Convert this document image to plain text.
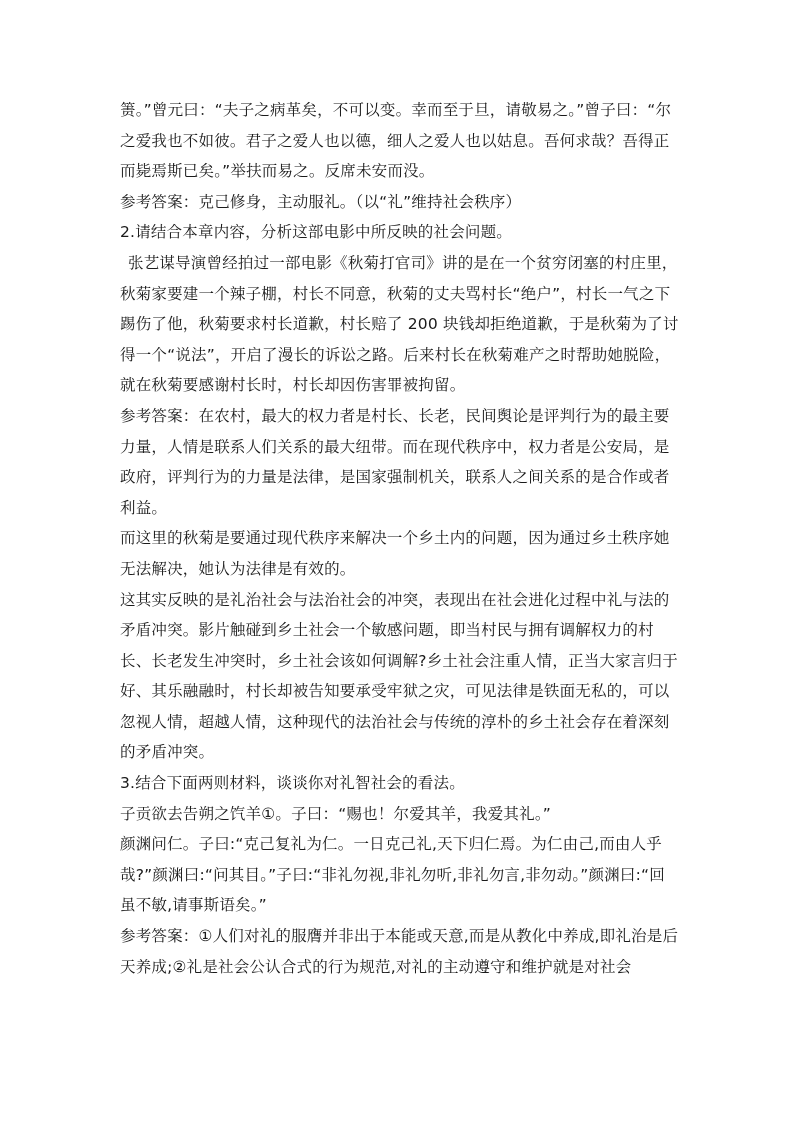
箦。”曾元曰：“夫子之病革矣，不可以变。幸而至于旦，请敬易之。”曾子曰：“尔之爱我也不如彼。君子之爱人也以德，细人之爱人也以姑息。吾何求哉？吾得正而毙焉斯已矣。”举扶而易之。反席未安而没。

参考答案：克己修身，主动服礼。（以“礼”维持社会秩序）

2.请结合本章内容，分析这部电影中所反映的社会问题。

张艺谋导演曾经拍过一部电影《秋菊打官司》讲的是在一个贫穷闭塞的村庄里，秋菊家要建一个辣子棚，村长不同意，秋菊的丈夫骂村长“绝户”，村长一气之下踢伤了他，秋菊要求村长道歉，村长赔了 200 块钱却拒绝道歉，于是秋菊为了讨得一个“说法”，开启了漫长的诉讼之路。后来村长在秋菊难产之时帮助她脱险，就在秋菊要感谢村长时，村长却因伤害罪被拘留。

参考答案：在农村，最大的权力者是村长、长老，民间舆论是评判行为的最主要力量，人情是联系人们关系的最大纽带。而在现代秩序中，权力者是公安局，是政府，评判行为的力量是法律，是国家强制机关，联系人之间关系的是合作或者利益。

而这里的秋菊是要通过现代秩序来解决一个乡土内的问题，因为通过乡土秩序她无法解决，她认为法律是有效的。

这其实反映的是礼治社会与法治社会的冲突，表现出在社会进化过程中礼与法的矛盾冲突。影片触碰到乡土社会一个敏感问题，即当村民与拥有调解权力的村长、长老发生冲突时，乡土社会该如何调解?乡土社会注重人情，正当大家言归于好、其乐融融时，村长却被告知要承受牢狱之灾，可见法律是铁面无私的，可以忽视人情，超越人情，这种现代的法治社会与传统的淳朴的乡土社会存在着深刻的矛盾冲突。

3.结合下面两则材料，谈谈你对礼智社会的看法。

子贡欲去告朔之饩羊①。子曰：“赐也！尔爱其羊，我爱其礼。”

颜渊问仁。子曰:“克己复礼为仁。一日克己礼,天下归仁焉。为仁由己,而由人乎哉?”颜渊曰:“问其目。”子曰:“非礼勿视,非礼勿听,非礼勿言,非勿动。”颜渊曰:“回虽不敏,请事斯语矣。”

参考答案：①人们对礼的服膺并非出于本能或天意,而是从教化中养成,即礼治是后天养成;②礼是社会公认合式的行为规范,对礼的主动遵守和维护就是对社会
